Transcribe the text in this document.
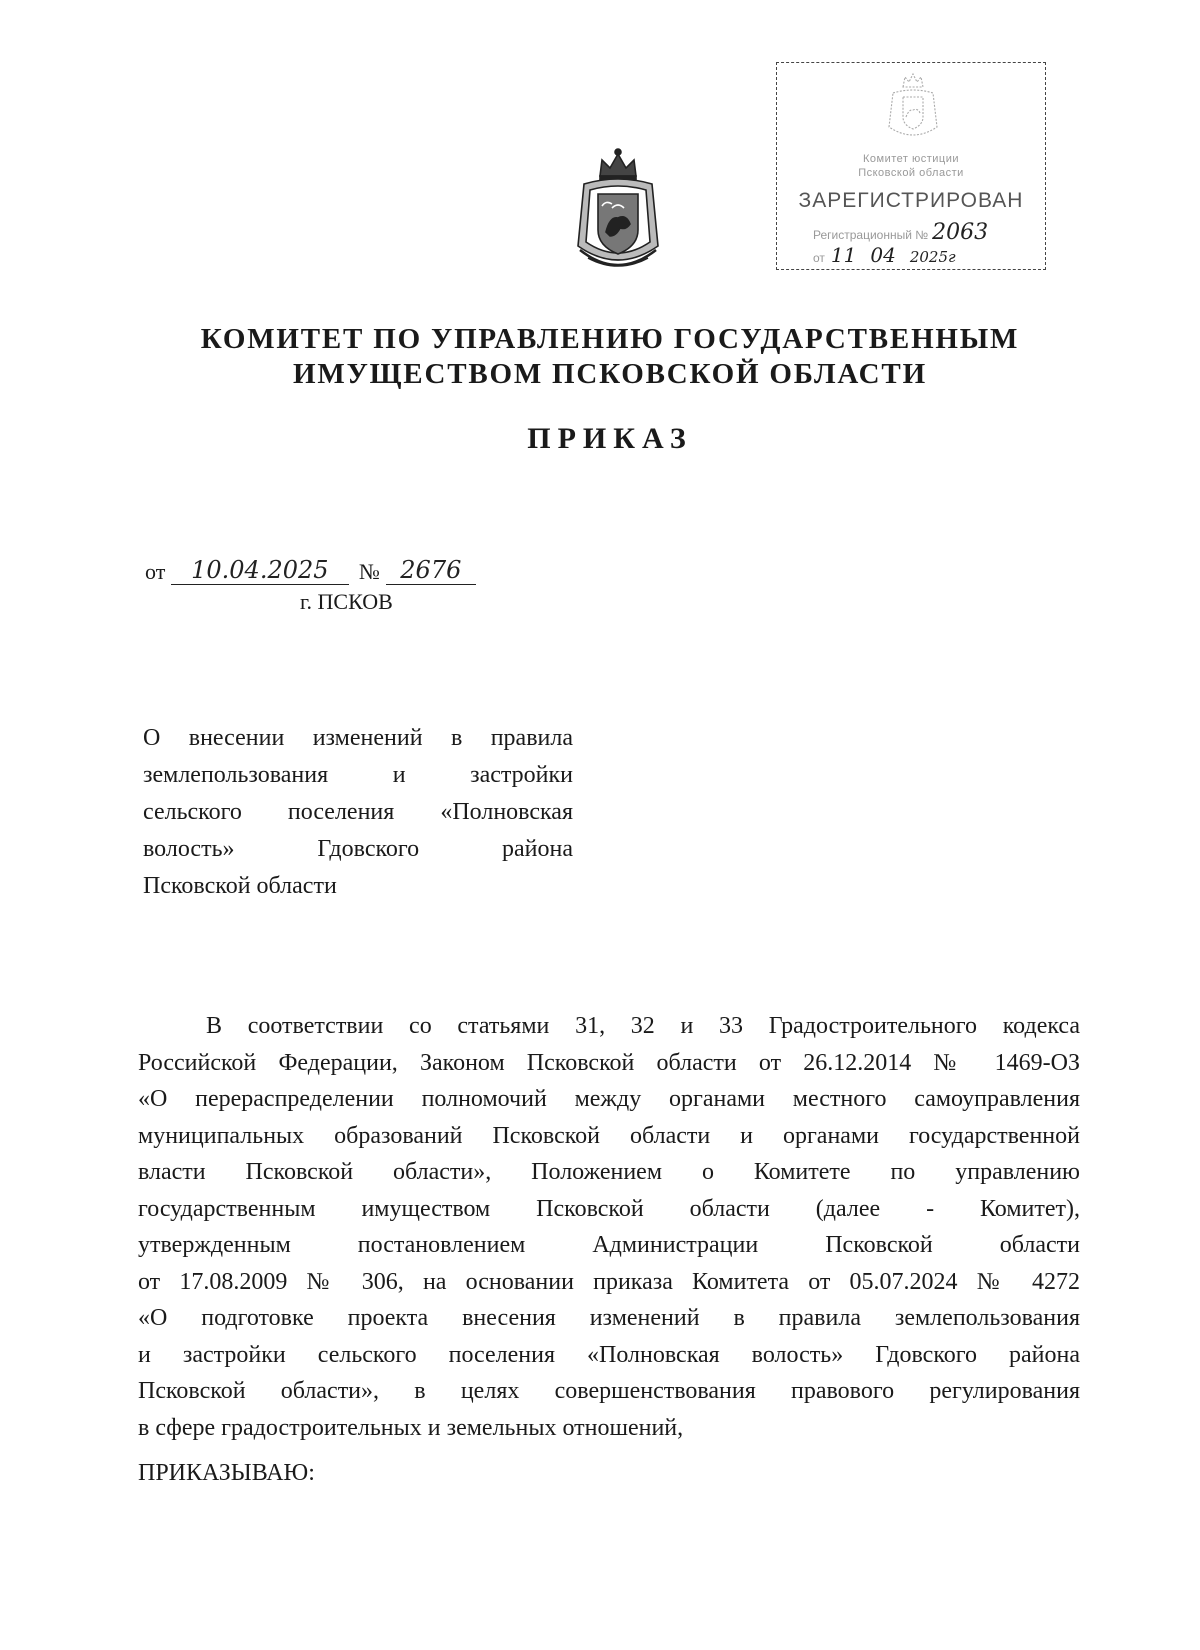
Комитет юстиции
Псковской области
ЗАРЕГИСТРИРОВАН
Регистрационный № 2063
от 11 04 2025г
КОМИТЕТ ПО УПРАВЛЕНИЮ ГОСУДАРСТВЕННЫМ
ИМУЩЕСТВОМ ПСКОВСКОЙ ОБЛАСТИ
ПРИКАЗ
от 10.04.2025 № 2676
г. ПСКОВ
О внесении изменений в правила
землепользования и застройки
сельского поселения «Полновская
волость» Гдовского района
Псковской области
В соответствии со статьями 31, 32 и 33 Градостроительного кодекса
Российской Федерации, Законом Псковской области от 26.12.2014 № 1469-ОЗ
«О перераспределении полномочий между органами местного самоуправления
муниципальных образований Псковской области и органами государственной
власти Псковской области», Положением о Комитете по управлению
государственным имуществом Псковской области (далее - Комитет),
утвержденным постановлением Администрации Псковской области
от 17.08.2009 № 306, на основании приказа Комитета от 05.07.2024 № 4272
«О подготовке проекта внесения изменений в правила землепользования
и застройки сельского поселения «Полновская волость» Гдовского района
Псковской области», в целях совершенствования правового регулирования
в сфере градостроительных и земельных отношений,
ПРИКАЗЫВАЮ:
